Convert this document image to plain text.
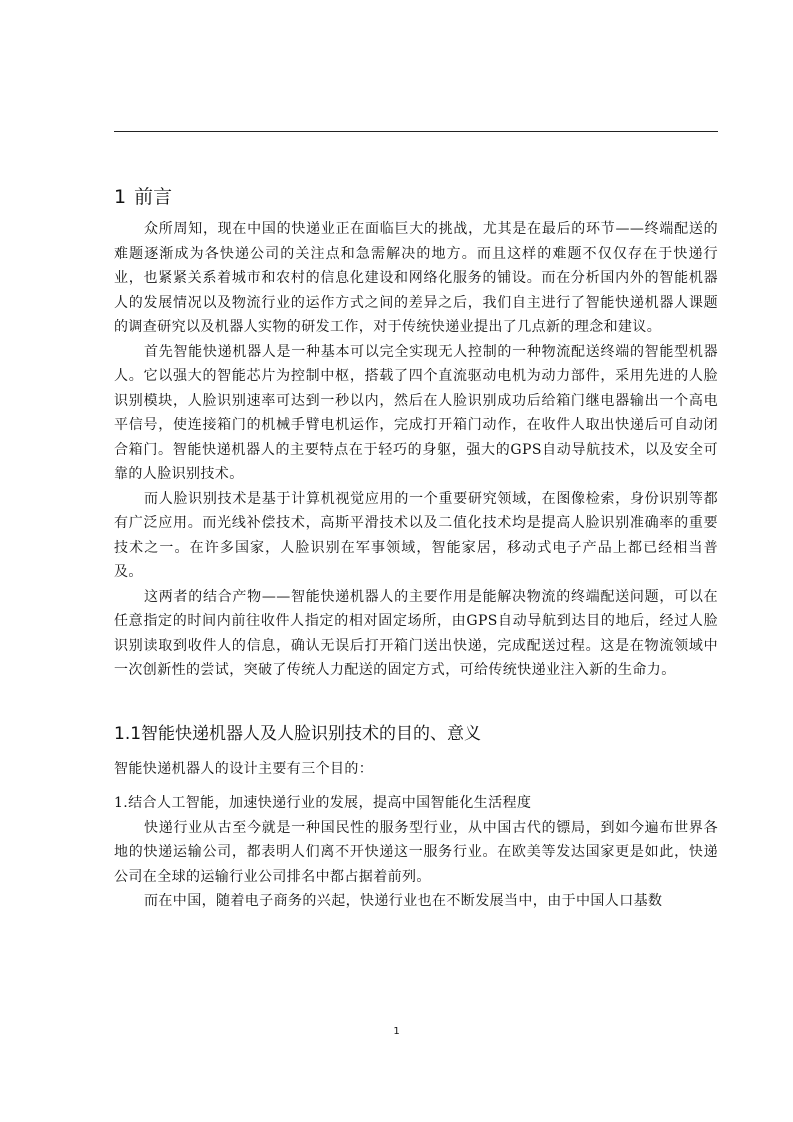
1 前言

众所周知，现在中国的快递业正在面临巨大的挑战，尤其是在最后的环节——终端配送的难题逐渐成为各快递公司的关注点和急需解决的地方。而且这样的难题不仅仅存在于快递行业，也紧紧关系着城市和农村的信息化建设和网络化服务的铺设。而在分析国内外的智能机器人的发展情况以及物流行业的运作方式之间的差异之后，我们自主进行了智能快递机器人课题的调查研究以及机器人实物的研发工作，对于传统快递业提出了几点新的理念和建议。

首先智能快递机器人是一种基本可以完全实现无人控制的一种物流配送终端的智能型机器人。它以强大的智能芯片为控制中枢，搭载了四个直流驱动电机为动力部件，采用先进的人脸识别模块，人脸识别速率可达到一秒以内，然后在人脸识别成功后给箱门继电器输出一个高电平信号，使连接箱门的机械手臂电机运作，完成打开箱门动作，在收件人取出快递后可自动闭合箱门。智能快递机器人的主要特点在于轻巧的身躯，强大的GPS自动导航技术，以及安全可靠的人脸识别技术。

而人脸识别技术是基于计算机视觉应用的一个重要研究领域，在图像检索，身份识别等都有广泛应用。而光线补偿技术，高斯平滑技术以及二值化技术均是提高人脸识别准确率的重要技术之一。在许多国家，人脸识别在军事领域，智能家居，移动式电子产品上都已经相当普及。

这两者的结合产物——智能快递机器人的主要作用是能解决物流的终端配送问题，可以在任意指定的时间内前往收件人指定的相对固定场所，由GPS自动导航到达目的地后，经过人脸识别读取到收件人的信息，确认无误后打开箱门送出快递，完成配送过程。这是在物流领域中一次创新性的尝试，突破了传统人力配送的固定方式，可给传统快递业注入新的生命力。

1.1智能快递机器人及人脸识别技术的目的、意义

智能快递机器人的设计主要有三个目的：

1.结合人工智能，加速快递行业的发展，提高中国智能化生活程度

快递行业从古至今就是一种国民性的服务型行业，从中国古代的镖局，到如今遍布世界各地的快递运输公司，都表明人们离不开快递这一服务行业。在欧美等发达国家更是如此，快递公司在全球的运输行业公司排名中都占据着前列。

而在中国，随着电子商务的兴起，快递行业也在不断发展当中，由于中国人口基数

1
